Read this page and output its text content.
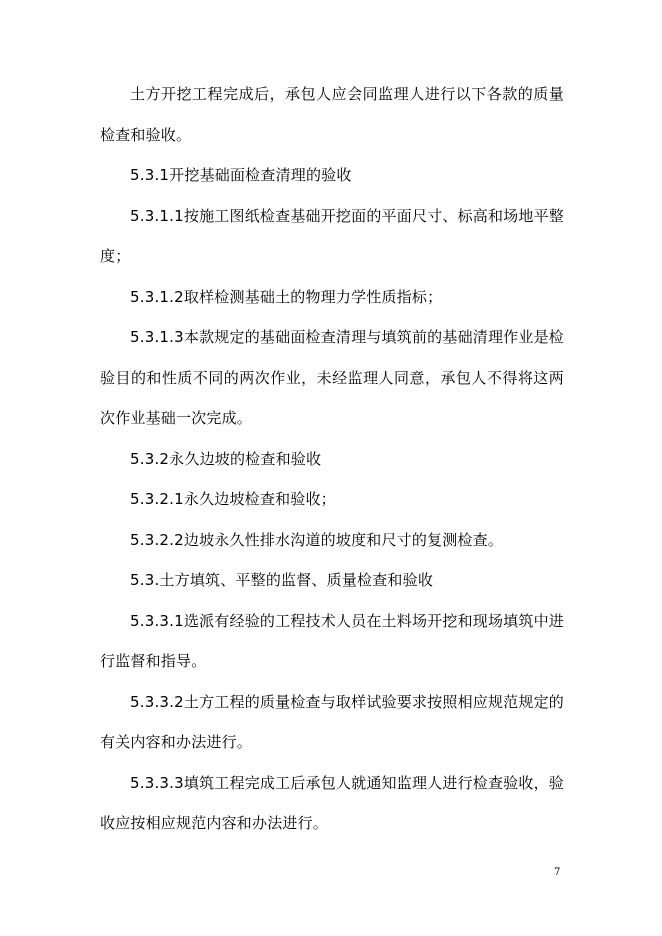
土方开挖工程完成后，承包人应会同监理人进行以下各款的质量检查和验收。

5.3.1开挖基础面检查清理的验收

5.3.1.1按施工图纸检查基础开挖面的平面尺寸、标高和场地平整度；

5.3.1.2取样检测基础土的物理力学性质指标；

5.3.1.3本款规定的基础面检查清理与填筑前的基础清理作业是检验目的和性质不同的两次作业，未经监理人同意，承包人不得将这两次作业基础一次完成。

5.3.2永久边坡的检查和验收

5.3.2.1永久边坡检查和验收；

5.3.2.2边坡永久性排水沟道的坡度和尺寸的复测检查。

5.3.土方填筑、平整的监督、质量检查和验收

5.3.3.1选派有经验的工程技术人员在土料场开挖和现场填筑中进行监督和指导。

5.3.3.2土方工程的质量检查与取样试验要求按照相应规范规定的有关内容和办法进行。

5.3.3.3填筑工程完成工后承包人就通知监理人进行检查验收，验收应按相应规范内容和办法进行。

7
